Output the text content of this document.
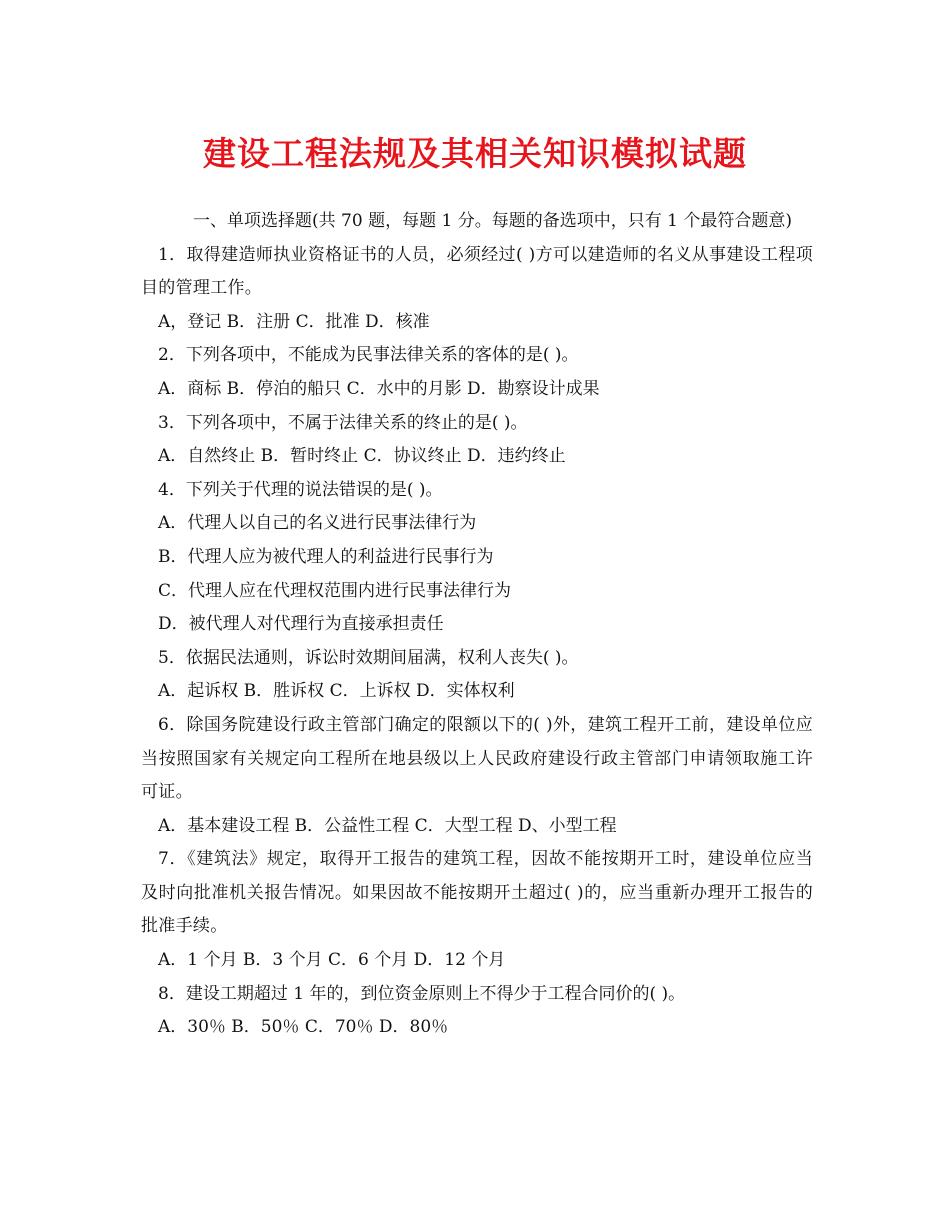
建设工程法规及其相关知识模拟试题

一、单项选择题(共 70 题，每题 1 分。每题的备选项中，只有 1 个最符合题意)

1．取得建造师执业资格证书的人员，必须经过( )方可以建造师的名义从事建设工程项目的管理工作。

A，登记 B．注册 C．批准 D．核准

2．下列各项中，不能成为民事法律关系的客体的是( )。

A．商标 B．停泊的船只 C．水中的月影 D．勘察设计成果

3．下列各项中，不属于法律关系的终止的是( )。

A．自然终止 B．暂时终止 C．协议终止 D．违约终止

4．下列关于代理的说法错误的是( )。

A．代理人以自己的名义进行民事法律行为

B．代理人应为被代理人的利益进行民事行为

C．代理人应在代理权范围内进行民事法律行为

D．被代理人对代理行为直接承担责任

5．依据民法通则，诉讼时效期间届满，权利人丧失( )。

A．起诉权 B．胜诉权 C．上诉权 D．实体权利

6．除国务院建设行政主管部门确定的限额以下的( )外，建筑工程开工前，建设单位应当按照国家有关规定向工程所在地县级以上人民政府建设行政主管部门申请领取施工许可证。

A．基本建设工程 B．公益性工程 C．大型工程 D、小型工程

7．《建筑法》规定，取得开工报告的建筑工程，因故不能按期开工时，建设单位应当及时向批准机关报告情况。如果因故不能按期开土超过( )的，应当重新办理开工报告的批准手续。

A．1 个月 B．3 个月 C．6 个月 D．12 个月

8．建设工期超过 1 年的，到位资金原则上不得少于工程合同价的( )。

A．30％ B．50％ C．70％ D．80％
